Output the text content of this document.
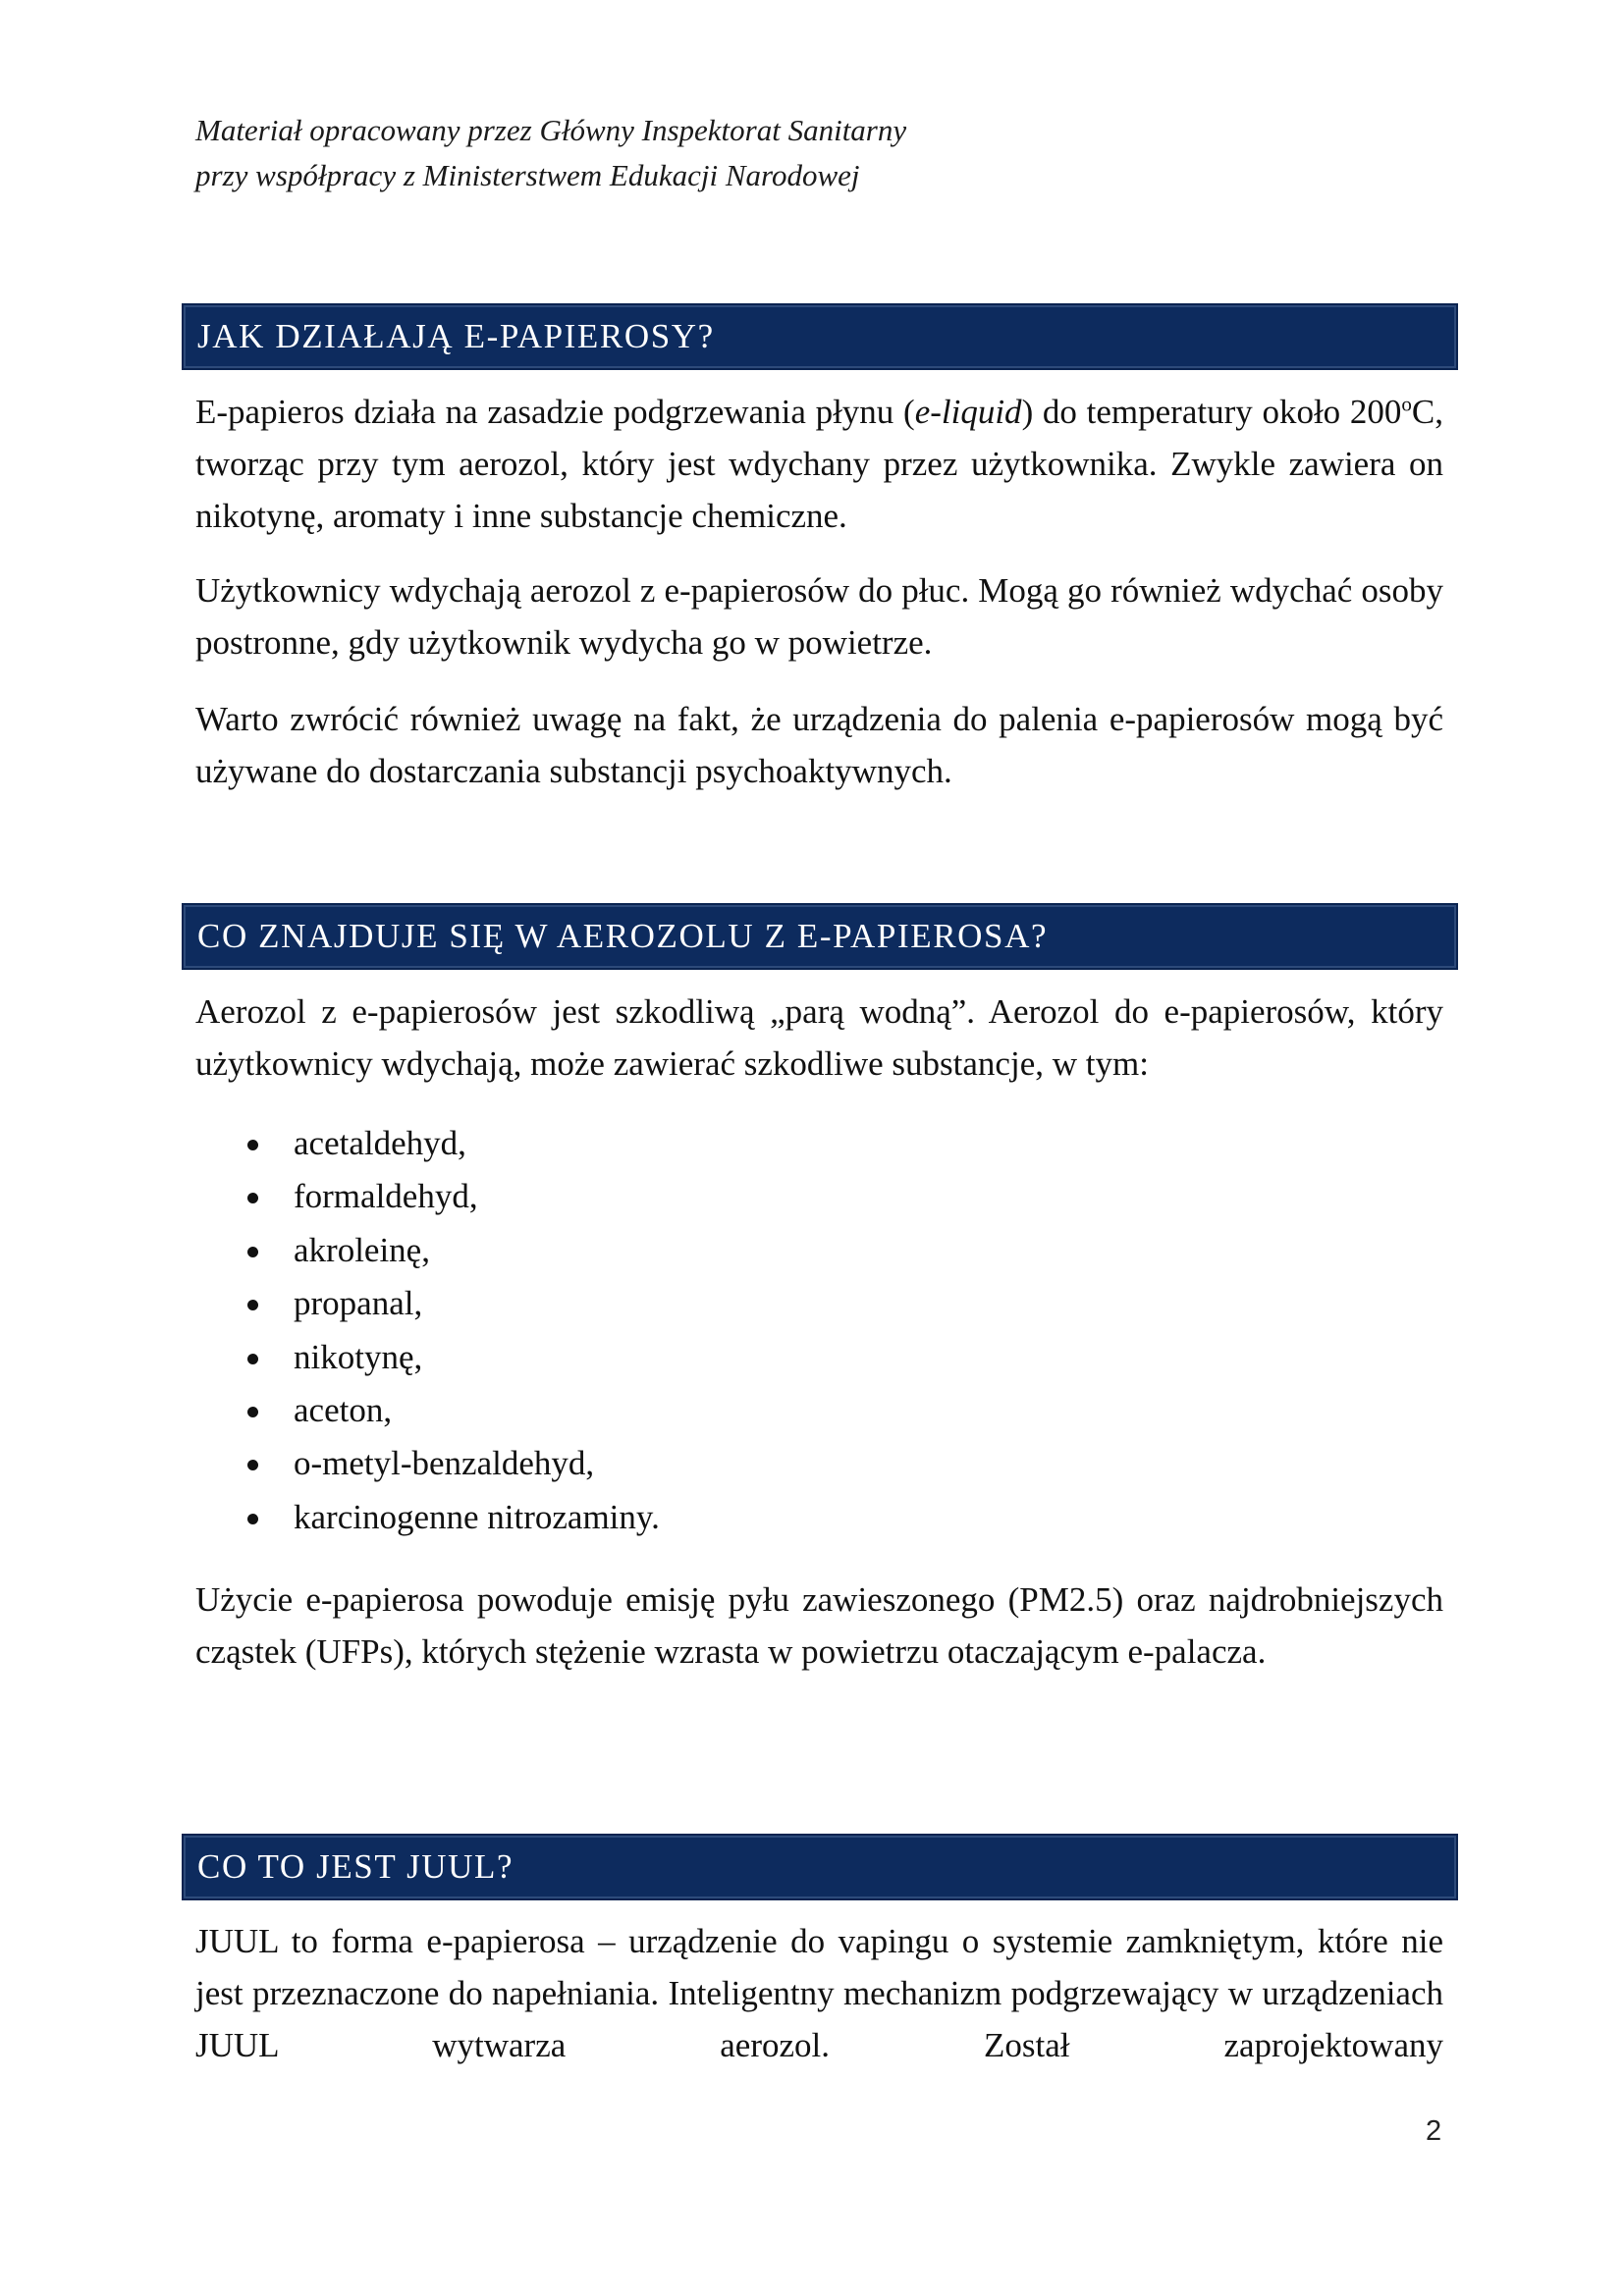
Materiał opracowany przez Główny Inspektorat Sanitarny
przy współpracy z Ministerstwem Edukacji Narodowej
JAK DZIAŁAJĄ E-PAPIEROSY?
E-papieros działa na zasadzie podgrzewania płynu (e-liquid) do temperatury około 200$^o$C, tworząc przy tym aerozol, który jest wdychany przez użytkownika. Zwykle zawiera on nikotynę, aromaty i inne substancje chemiczne.
Użytkownicy wdychają aerozol z e-papierosów do płuc. Mogą go również wdychać osoby postronne, gdy użytkownik wydycha go w powietrze.
Warto zwrócić również uwagę na fakt, że urządzenia do palenia e-papierosów mogą być używane do dostarczania substancji psychoaktywnych.
CO ZNAJDUJE SIĘ W AEROZOLU Z E-PAPIEROSA?
Aerozol z e-papierosów jest szkodliwą „parą wodną”. Aerozol do e-papierosów, który użytkownicy wdychają, może zawierać szkodliwe substancje, w tym:
acetaldehyd,
formaldehyd,
akroleinę,
propanal,
nikotynę,
aceton,
o-metyl-benzaldehyd,
karcinogenne nitrozaminy.
Użycie e-papierosa powoduje emisję pyłu zawieszonego (PM2.5) oraz najdrobniejszych cząstek (UFPs), których stężenie wzrasta w powietrzu otaczającym e-palacza.
CO TO JEST JUUL?
JUUL to forma e-papierosa – urządzenie do vapingu o systemie zamkniętym, które nie jest przeznaczone do napełniania. Inteligentny mechanizm podgrzewający w urządzeniach JUUL wytwarza aerozol. Został zaprojektowany
2
